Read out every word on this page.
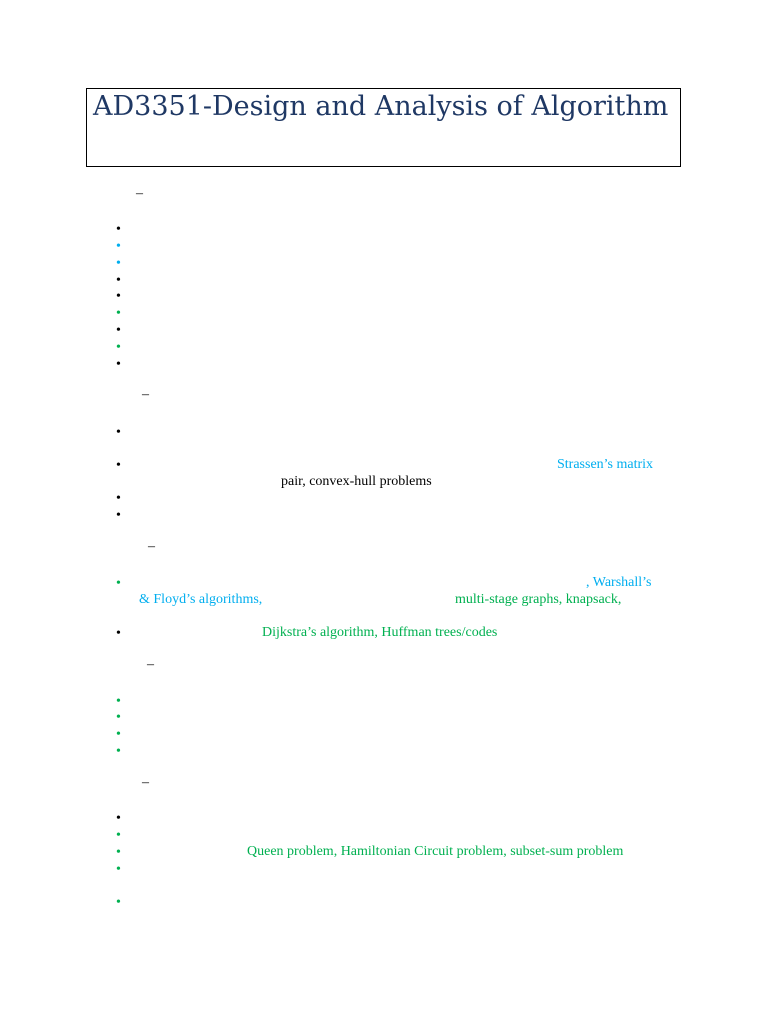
AD3351-Design and Analysis of Algorithm
–
•
•
•
•
•
•
•
•
•
–
•
•	Strassen’s matrix
pair, convex-hull problems
•
•
–
•	, Warshall’s
& Floyd’s algorithms,	multi-stage graphs, knapsack,
•	Dijkstra’s algorithm, Huffman trees/codes
–
•
•
•
•
–
•
•
•	Queen problem, Hamiltonian Circuit problem, subset-sum problem
•
•
